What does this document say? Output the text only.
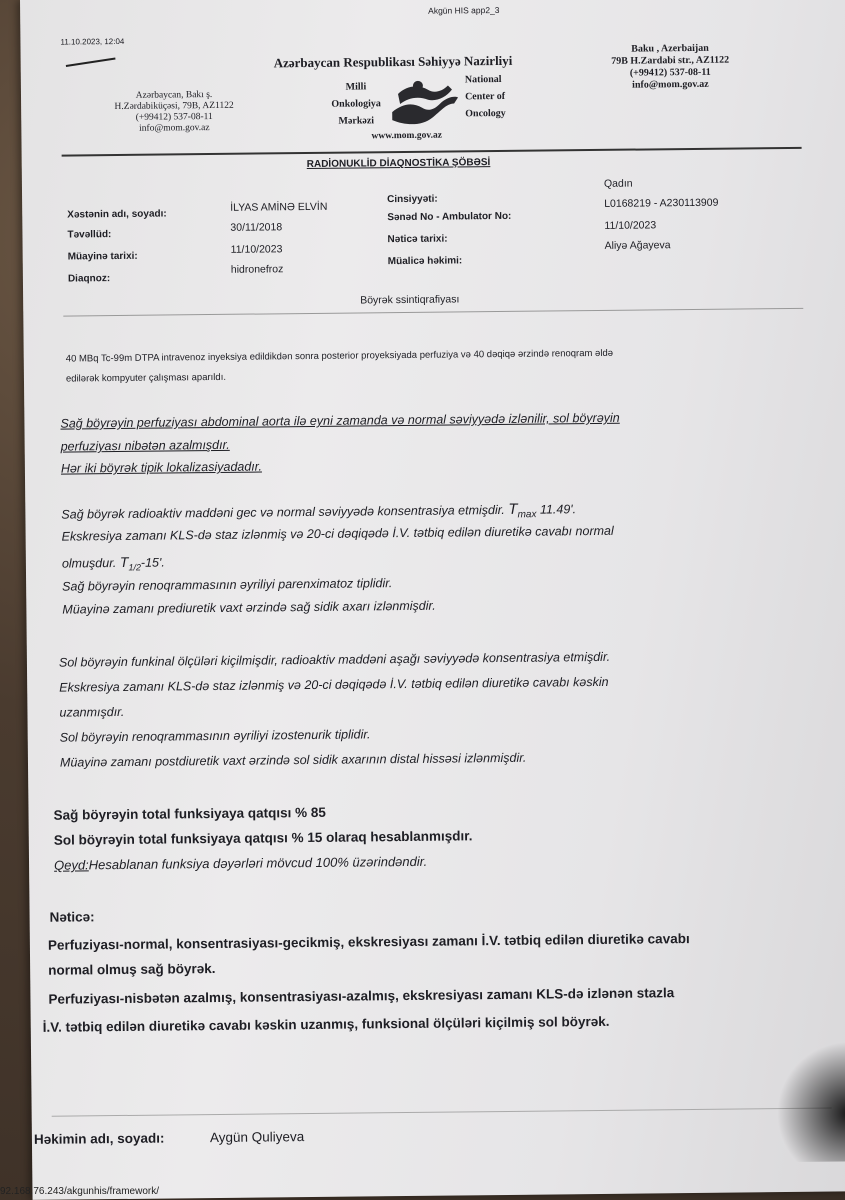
Akgün HIS app2_3
11.10.2023, 12:04
Azərbaycan Respublikası Səhiyyə Nazirliyi
Azərbaycan, Bakı ş.
H.Zərdabiküçəsi, 79B, AZ1122
(+99412) 537-08-11
info@mom.gov.az
Milli
Onkologiya
Mərkəzi
National
Center of
Oncology
Baku , Azerbaijan
79B H.Zardabi str., AZ1122
(+99412) 537-08-11
info@mom.gov.az
www.mom.gov.az
RADİONUKLİD DİAQNOSTİKA ŞÖBƏSİ
Xəstənin adı, soyadı:
İLYAS AMİNƏ ELVİN
Təvəllüd:
30/11/2018
Müayinə tarixi:
11/10/2023
Diaqnoz:
hidronefroz
Cinsiyyəti:
Qadın
Sənəd No - Ambulator No:
L0168219 - A230113909
Nəticə tarixi:
11/10/2023
Müalicə həkimi:
Aliyə Ağayeva
Böyrək ssintiqrafiyası
40 MBq Tc-99m DTPA intravenoz inyeksiya edildikdən sonra posterior proyeksiyada perfuziya və 40 dəqiqə ərzində renoqram əldə
edilərək kompyuter çalışması aparıldı.
Sağ böyrəyin perfuziyası abdominal aorta ilə eyni zamanda və normal səviyyədə izlənilir, sol böyrəyin
perfuziyası nibətən azalmışdır.
Hər iki böyrək tipik lokalizasiyadadır.
Sağ böyrək radioaktiv maddəni gec və normal səviyyədə konsentrasiya etmişdir. $T_{max}$ 11.49'.
Ekskresiya zamanı KLS-də staz izlənmiş və 20-ci dəqiqədə İ.V. tətbiq edilən diuretikə cavabı normal
olmuşdur. $T_{1/2}-15'$.
Sağ böyrəyin renoqrammasının əyriliyi parenximatoz tiplidir.
Müayinə zamanı prediuretik vaxt ərzində sağ sidik axarı izlənmişdir.
Sol böyrəyin funkinal ölçüləri kiçilmişdir, radioaktiv maddəni aşağı səviyyədə konsentrasiya etmişdir.
Ekskresiya zamanı KLS-də staz izlənmiş və 20-ci dəqiqədə İ.V. tətbiq edilən diuretikə cavabı kəskin
uzanmışdır.
Sol böyrəyin renoqrammasının əyriliyi izostenurik tiplidir.
Müayinə zamanı postdiuretik vaxt ərzində sol sidik axarının distal hissəsi izlənmişdir.
Sağ böyrəyin total funksiyaya qatqısı % 85
Sol böyrəyin total funksiyaya qatqısı % 15 olaraq hesablanmışdır.
Qeyd:Hesablanan funksiya dəyərləri mövcud 100% üzərindəndir.
Nəticə:
Perfuziyası-normal, konsentrasiyası-gecikmiş, ekskresiyası zamanı İ.V. tətbiq edilən diuretikə cavabı
normal olmuş sağ böyrək.
Perfuziyası-nisbətən azalmış, konsentrasiyası-azalmış, ekskresiyası zamanı KLS-də izlənən stazla
İ.V. tətbiq edilən diuretikə cavabı kəskin uzanmış, funksional ölçüləri kiçilmiş sol böyrək.
Həkimin adı, soyadı:	Aygün Quliyeva
92.168.76.243/akgunhis/framework/
